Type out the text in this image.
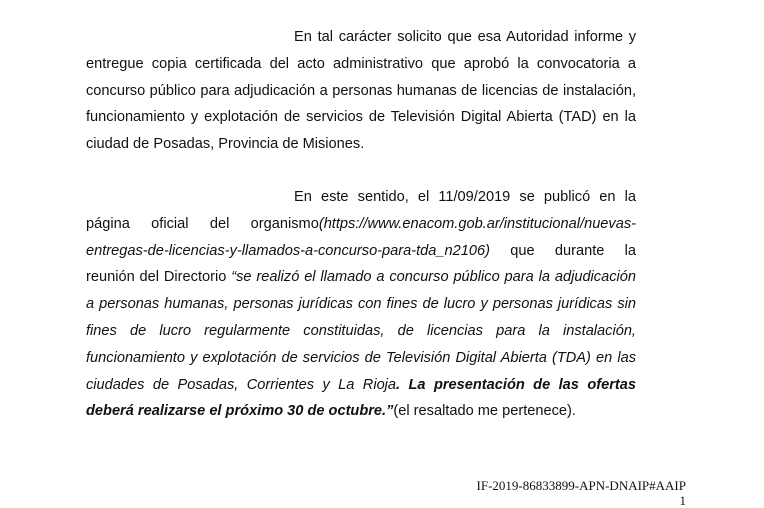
En tal carácter solicito que esa Autoridad informe y entregue copia certificada del acto administrativo que aprobó la convocatoria a concurso público para adjudicación a personas humanas de licencias de instalación, funcionamiento y explotación de servicios de Televisión Digital Abierta (TAD) en la ciudad de Posadas, Provincia de Misiones.

En este sentido, el 11/09/2019 se publicó en la página oficial del organismo(https://www.enacom.gob.ar/institucional/nuevas-entregas-de-licencias-y-llamados-a-concurso-para-tda_n2106) que durante la reunión del Directorio “se realizó el llamado a concurso público para la adjudicación a personas humanas, personas jurídicas con fines de lucro y personas jurídicas sin fines de lucro regularmente constituidas, de licencias para la instalación, funcionamiento y explotación de servicios de Televisión Digital Abierta (TDA) en las ciudades de Posadas, Corrientes y La Rioja. La presentación de las ofertas deberá realizarse el próximo 30 de octubre.”(el resaltado me pertenece).

IF-2019-86833899-APN-DNAIP#AAIP
1
